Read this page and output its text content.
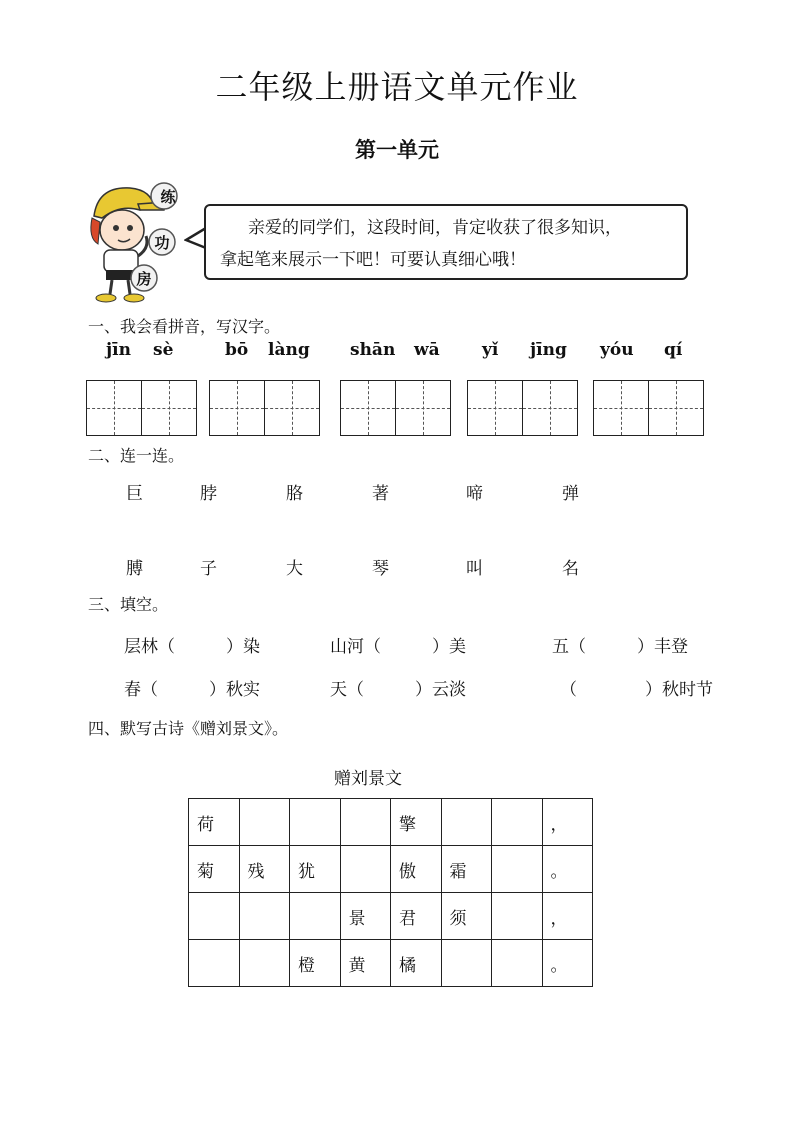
二年级上册语文单元作业
第一单元
练
功
房
亲爱的同学们，这段时间，肯定收获了很多知识，
拿起笔来展示一下吧！可要认真细心哦！
一、我会看拼音，写汉字。
jīn sè	bō làng shān wā yǐ jīng yóu qí
二、连一连。
巨	脖	胳	著	啼	弹
膊	子	大	琴	叫	名
三、填空。
层林（　　　）染	山河（　　　）美	五（　　　）丰登
春（　　　）秋实	天（　　　）云淡	（　　　　）秋时节
四、默写古诗《赠刘景文》。
赠刘景文
荷				擎			，
菊	残	犹		傲	霜		。
			景	君	须		，
		橙	黄	橘			。
